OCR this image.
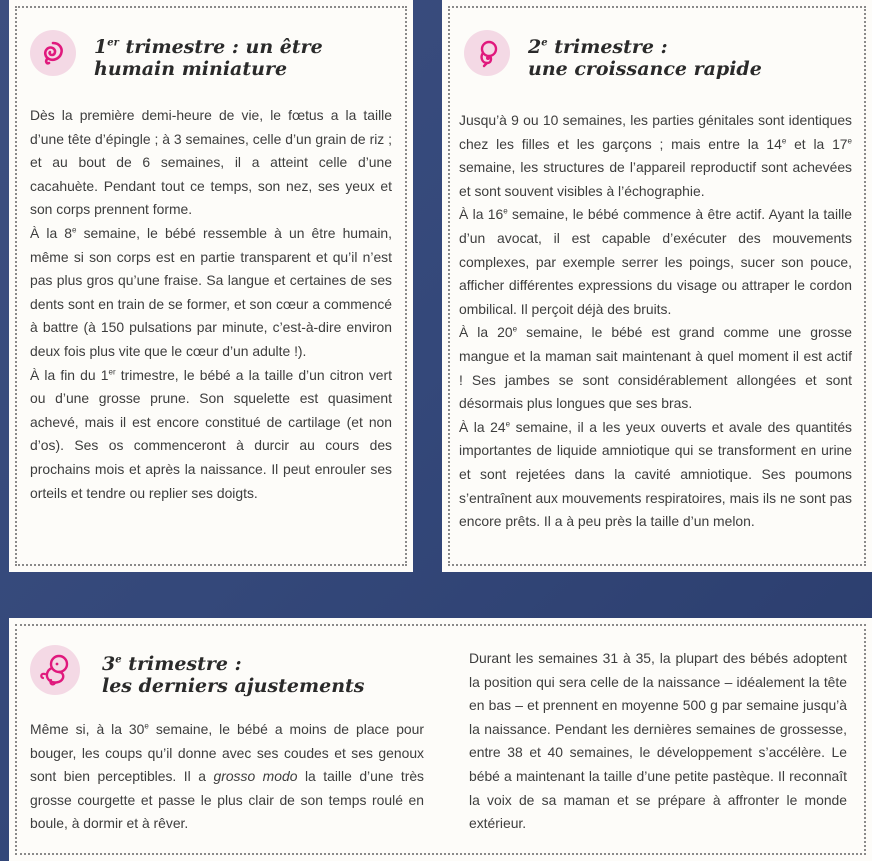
1er trimestre : un être
humain miniature

Dès la première demi-heure de vie, le fœtus a la taille d’une tête d’épingle ; à 3 semaines, celle d’un grain de riz ; et au bout de 6 semaines, il a atteint celle d’une cacahuète. Pendant tout ce temps, son nez, ses yeux et son corps prennent forme.

À la 8e semaine, le bébé ressemble à un être humain, même si son corps est en partie transparent et qu’il n’est pas plus gros qu’une fraise. Sa langue et certaines de ses dents sont en train de se former, et son cœur a commencé à battre (à 150 pulsations par minute, c’est-à-dire environ deux fois plus vite que le cœur d’un adulte !).

À la fin du 1er trimestre, le bébé a la taille d’un citron vert ou d’une grosse prune. Son squelette est quasiment achevé, mais il est encore constitué de cartilage (et non d’os). Ses os commenceront à durcir au cours des prochains mois et après la naissance. Il peut enrouler ses orteils et tendre ou replier ses doigts.

2e trimestre :
une croissance rapide

Jusqu’à 9 ou 10 semaines, les parties génitales sont identiques chez les filles et les garçons ; mais entre la 14e et la 17e semaine, les structures de l’appareil reproductif sont achevées et sont souvent visibles à l’échographie.

À la 16e semaine, le bébé commence à être actif. Ayant la taille d’un avocat, il est capable d’exécuter des mouvements complexes, par exemple serrer les poings, sucer son pouce, afficher différentes expressions du visage ou attraper le cordon ombilical. Il perçoit déjà des bruits.

À la 20e semaine, le bébé est grand comme une grosse mangue et la maman sait maintenant à quel moment il est actif ! Ses jambes se sont considérablement allongées et sont désormais plus longues que ses bras.

À la 24e semaine, il a les yeux ouverts et avale des quantités importantes de liquide amniotique qui se transforment en urine et sont rejetées dans la cavité amniotique. Ses poumons s’entraînent aux mouvements respiratoires, mais ils ne sont pas encore prêts. Il a à peu près la taille d’un melon.

3e trimestre :
les derniers ajustements

Même si, à la 30e semaine, le bébé a moins de place pour bouger, les coups qu’il donne avec ses coudes et ses genoux sont bien perceptibles. Il a grosso modo la taille d’une très grosse courgette et passe le plus clair de son temps roulé en boule, à dormir et à rêver.

Durant les semaines 31 à 35, la plupart des bébés adoptent la position qui sera celle de la naissance – idéalement la tête en bas – et prennent en moyenne 500 g par semaine jusqu’à la naissance. Pendant les dernières semaines de grossesse, entre 38 et 40 semaines, le développement s’accélère. Le bébé a maintenant la taille d’une petite pastèque. Il reconnaît la voix de sa maman et se prépare à affronter le monde extérieur.
